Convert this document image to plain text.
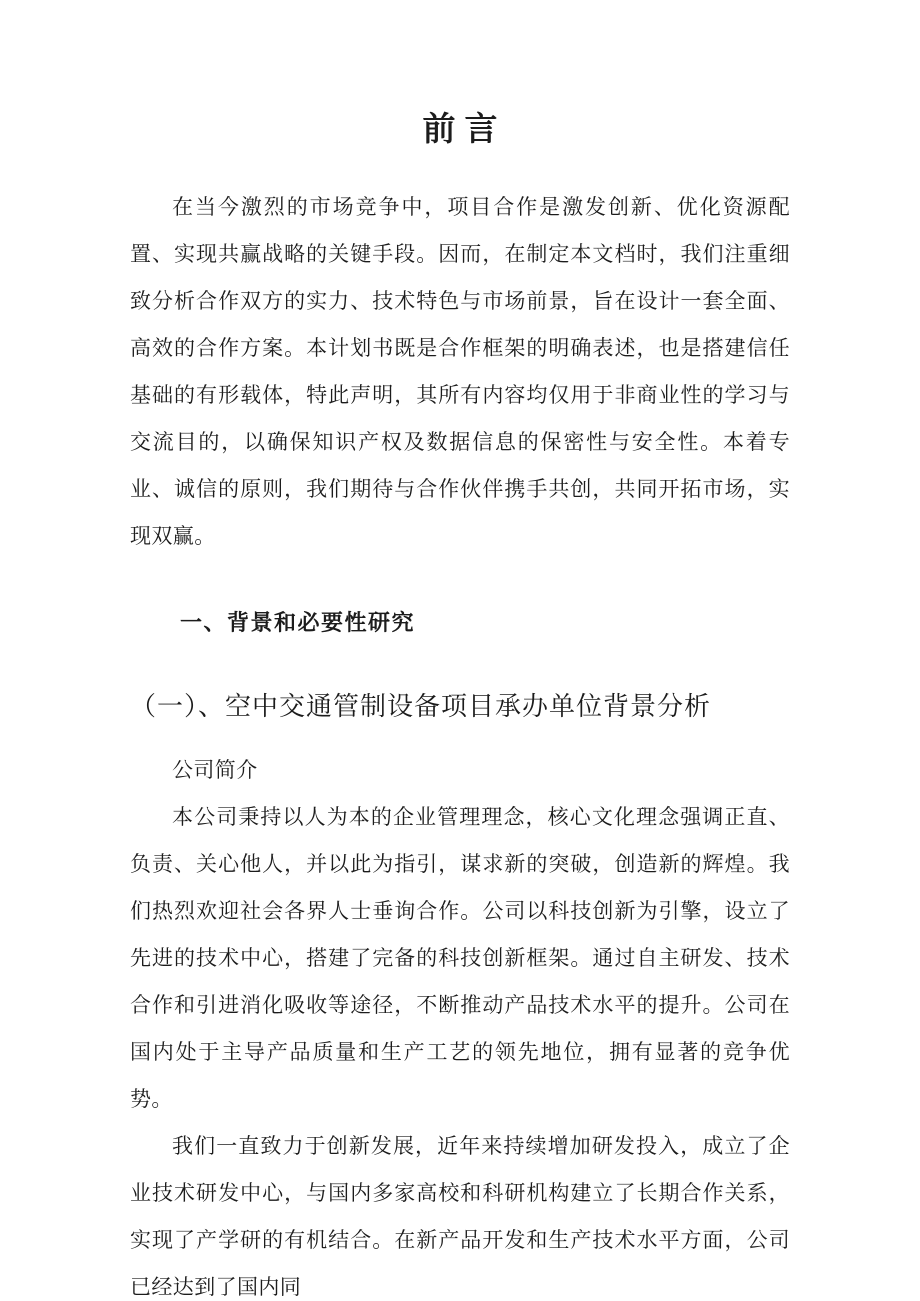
前言

在当今激烈的市场竞争中，项目合作是激发创新、优化资源配置、实现共赢战略的关键手段。因而，在制定本文档时，我们注重细致分析合作双方的实力、技术特色与市场前景，旨在设计一套全面、高效的合作方案。本计划书既是合作框架的明确表述，也是搭建信任基础的有形载体，特此声明，其所有内容均仅用于非商业性的学习与交流目的，以确保知识产权及数据信息的保密性与安全性。本着专业、诚信的原则，我们期待与合作伙伴携手共创，共同开拓市场，实现双赢。

一、背景和必要性研究
（一）、空中交通管制设备项目承办单位背景分析

公司简介

本公司秉持以人为本的企业管理理念，核心文化理念强调正直、负责、关心他人，并以此为指引，谋求新的突破，创造新的辉煌。我们热烈欢迎社会各界人士垂询合作。公司以科技创新为引擎，设立了先进的技术中心，搭建了完备的科技创新框架。通过自主研发、技术合作和引进消化吸收等途径，不断推动产品技术水平的提升。公司在国内处于主导产品质量和生产工艺的领先地位，拥有显著的竞争优势。

我们一直致力于创新发展，近年来持续增加研发投入，成立了企业技术研发中心，与国内多家高校和科研机构建立了长期合作关系，实现了产学研的有机结合。在新产品开发和生产技术水平方面，公司已经达到了国内同
